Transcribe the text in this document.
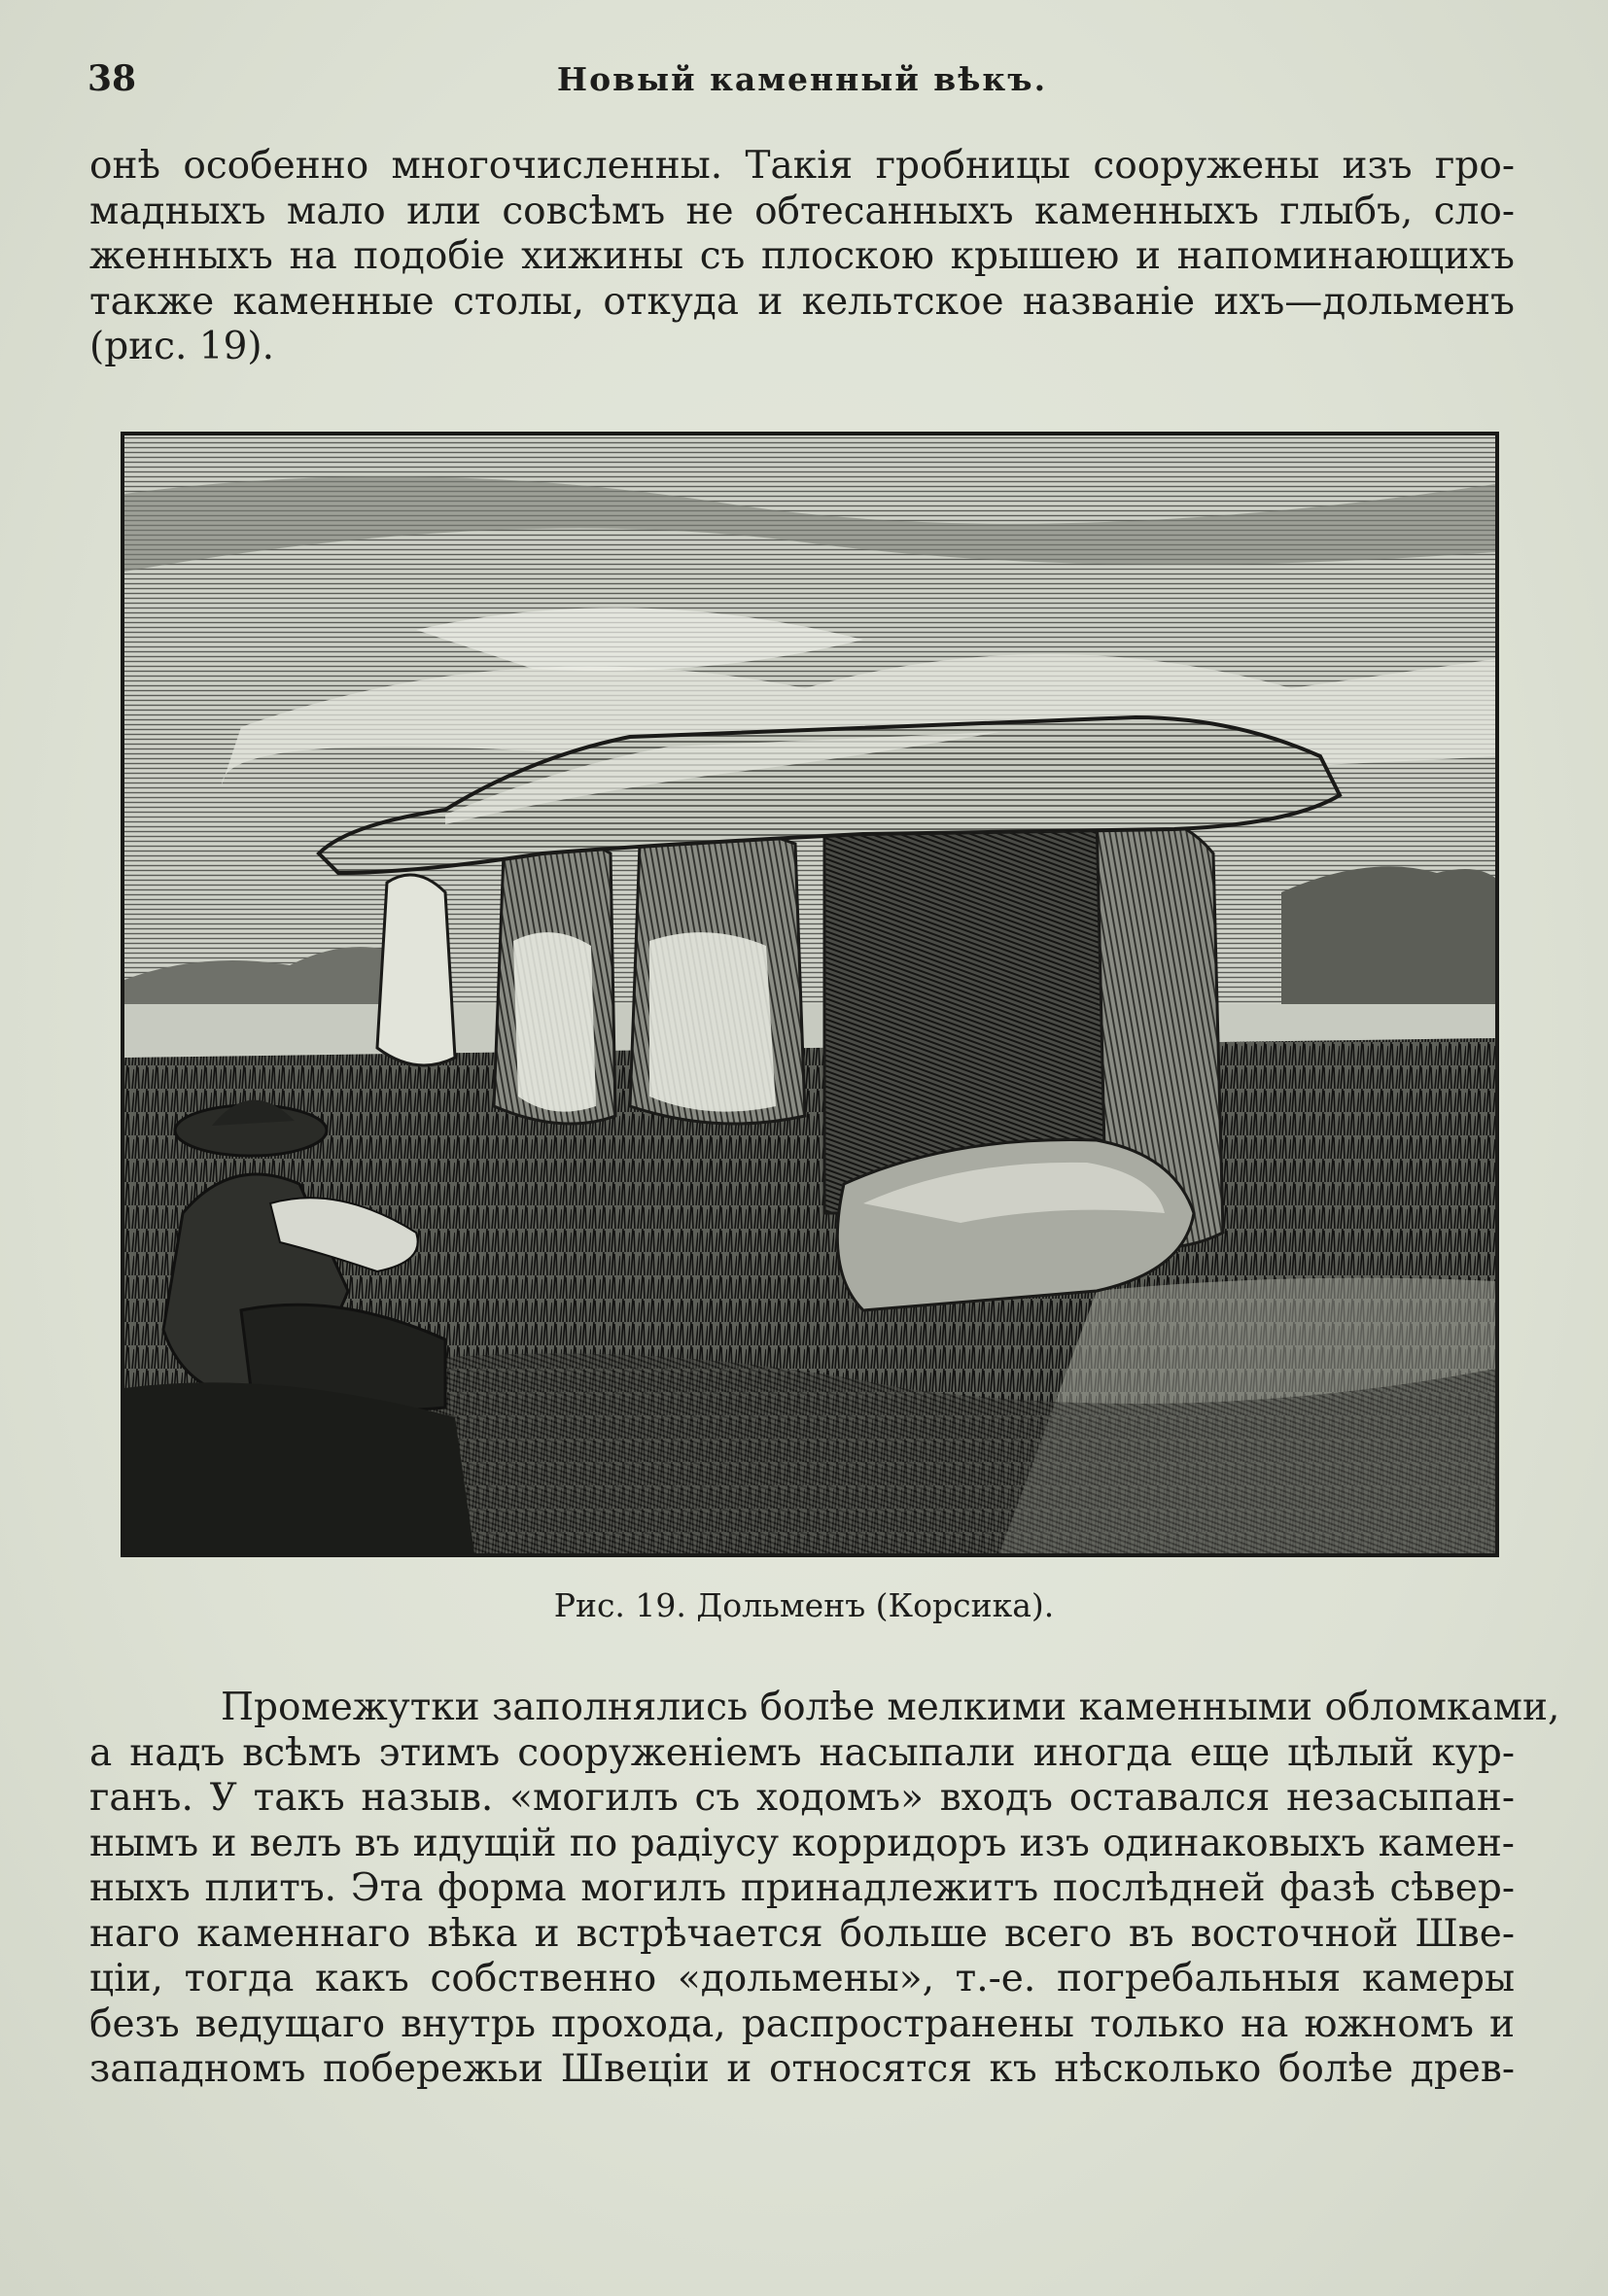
38	Новый каменный вѣкъ.
онѣ особенно многочисленны. Такія гробницы сооружены изъ гро-
мадныхъ мало или совсѣмъ не обтесанныхъ каменныхъ глыбъ, сло-
женныхъ на подобіе хижины съ плоскою крышею и напоминающихъ
также каменные столы, откуда и кельтское названіе ихъ—дольменъ
(рис. 19).
Рис. 19. Дольменъ (Корсика).
Промежутки заполнялись болѣе мелкими каменными обломками,
а надъ всѣмъ этимъ сооруженіемъ насыпали иногда еще цѣлый кур-
ганъ. У такъ назыв. «могилъ съ ходомъ» входъ оставался незасыпан-
нымъ и велъ въ идущій по радіусу корридоръ изъ одинаковыхъ камен-
ныхъ плитъ. Эта форма могилъ принадлежитъ послѣдней фазѣ сѣвер-
наго каменнаго вѣка и встрѣчается больше всего въ восточной Шве-
ціи, тогда какъ собственно «дольмены», т.-е. погребальныя камеры
безъ ведущаго внутрь прохода, распространены только на южномъ и
западномъ побережьи Швеціи и относятся къ нѣсколько болѣе древ-
